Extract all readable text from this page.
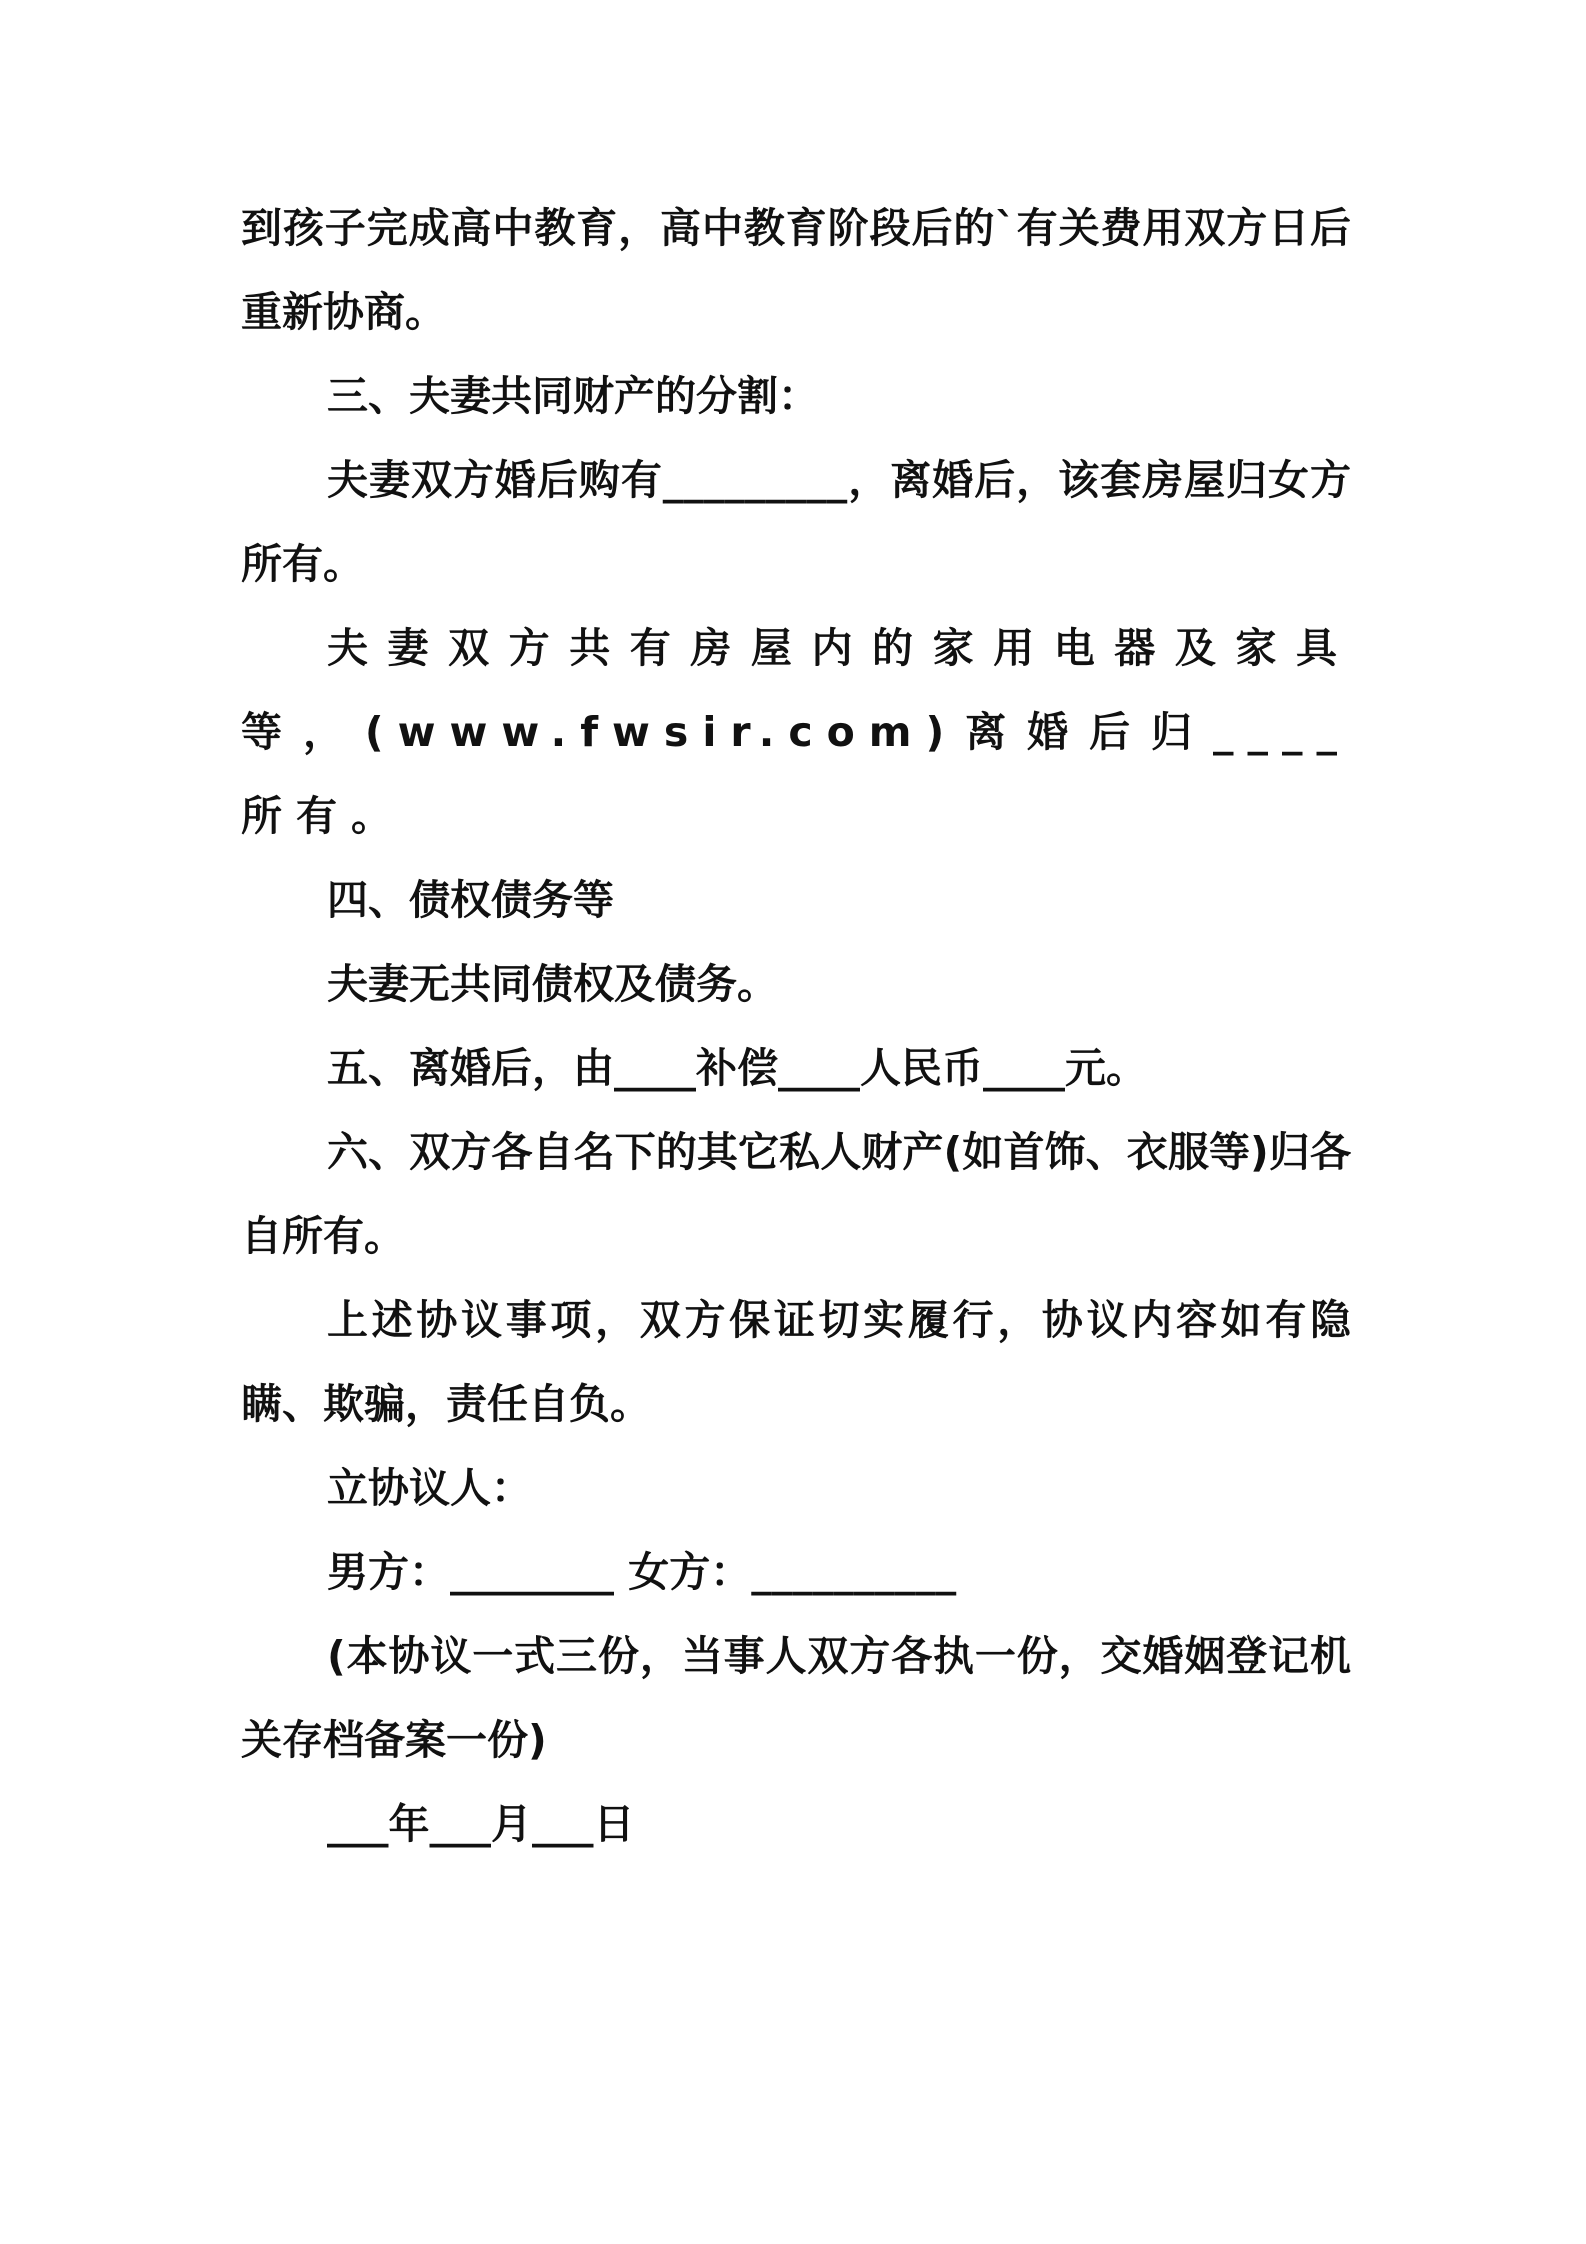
到孩子完成高中教育，高中教育阶段后的`有关费用双方日后重新协商。

三、夫妻共同财产的分割：

夫妻双方婚后购有_________，离婚后，该套房屋归女方所有。

夫妻双方共有房屋内的家用电器及家具等，(www.fwsir.com)离婚后归____所有。

四、债权债务等

夫妻无共同债权及债务。

五、离婚后，由____补偿____人民币____元。

六、双方各自名下的其它私人财产(如首饰、衣服等)归各自所有。

上述协议事项，双方保证切实履行，协议内容如有隐瞒、欺骗，责任自负。

立协议人：

男方：________ 女方：__________

(本协议一式三份，当事人双方各执一份，交婚姻登记机关存档备案一份)

___年___月___日
